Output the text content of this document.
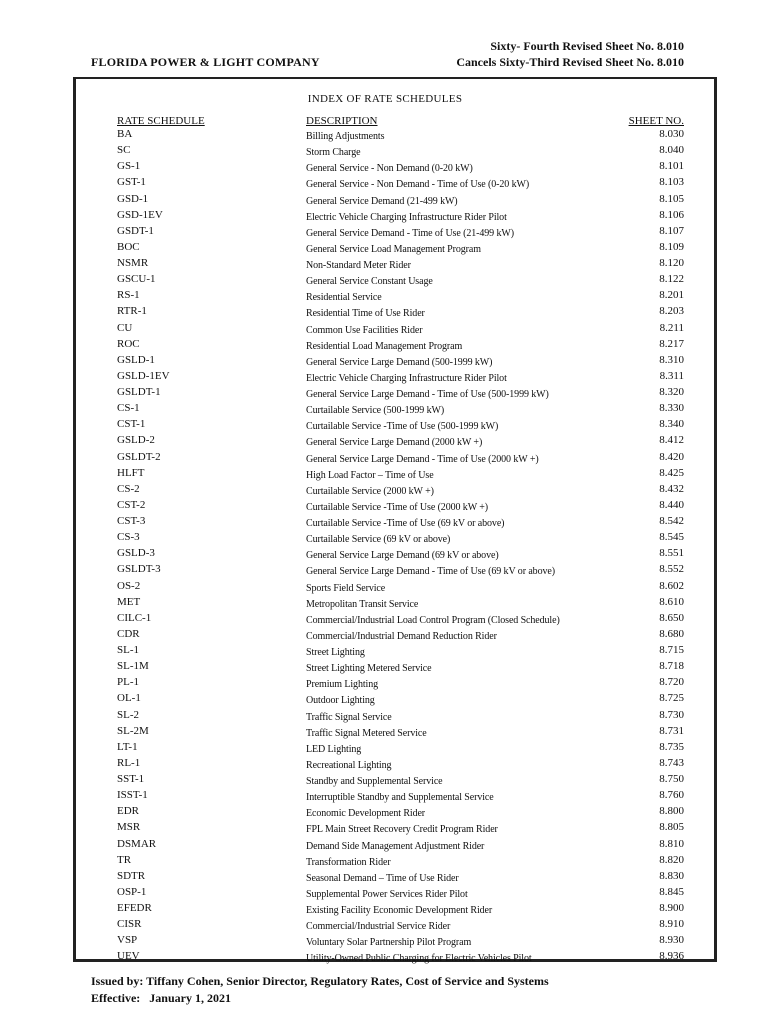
FLORIDA POWER & LIGHT COMPANY
Sixty- Fourth Revised Sheet No. 8.010
Cancels Sixty-Third Revised Sheet No. 8.010
INDEX OF RATE SCHEDULES
RATE SCHEDULE	DESCRIPTION	SHEET NO.
BA	Billing Adjustments	8.030
SC	Storm Charge	8.040
GS-1	General Service - Non Demand (0-20 kW)	8.101
GST-1	General Service - Non Demand - Time of Use (0-20 kW)	8.103
GSD-1	General Service Demand (21-499 kW)	8.105
GSD-1EV	Electric Vehicle Charging Infrastructure Rider Pilot	8.106
GSDT-1	General Service Demand - Time of Use (21-499 kW)	8.107
BOC	General Service Load Management Program	8.109
NSMR	Non-Standard Meter Rider	8.120
GSCU-1	General Service Constant Usage	8.122
RS-1	Residential Service	8.201
RTR-1	Residential Time of Use Rider	8.203
CU	Common Use Facilities Rider	8.211
ROC	Residential Load Management Program	8.217
GSLD-1	General Service Large Demand (500-1999 kW)	8.310
GSLD-1EV	Electric Vehicle Charging Infrastructure Rider Pilot	8.311
GSLDT-1	General Service Large Demand - Time of Use (500-1999 kW)	8.320
CS-1	Curtailable Service (500-1999 kW)	8.330
CST-1	Curtailable Service -Time of Use (500-1999 kW)	8.340
GSLD-2	General Service Large Demand (2000 kW +)	8.412
GSLDT-2	General Service Large Demand - Time of Use (2000 kW +)	8.420
HLFT	High Load Factor – Time of Use	8.425
CS-2	Curtailable Service (2000 kW +)	8.432
CST-2	Curtailable Service -Time of Use (2000 kW +)	8.440
CST-3	Curtailable Service -Time of Use (69 kV or above)	8.542
CS-3	Curtailable Service (69 kV or above)	8.545
GSLD-3	General Service Large Demand (69 kV or above)	8.551
GSLDT-3	General Service Large Demand - Time of Use (69 kV or above)	8.552
OS-2	Sports Field Service	8.602
MET	Metropolitan Transit Service	8.610
CILC-1	Commercial/Industrial Load Control Program (Closed Schedule)	8.650
CDR	Commercial/Industrial Demand Reduction Rider	8.680
SL-1	Street Lighting	8.715
SL-1M	Street Lighting Metered Service	8.718
PL-1	Premium Lighting	8.720
OL-1	Outdoor Lighting	8.725
SL-2	Traffic Signal Service	8.730
SL-2M	Traffic Signal Metered Service	8.731
LT-1	LED Lighting	8.735
RL-1	Recreational Lighting	8.743
SST-1	Standby and Supplemental Service	8.750
ISST-1	Interruptible Standby and Supplemental Service	8.760
EDR	Economic Development Rider	8.800
MSR	FPL Main Street Recovery Credit Program Rider	8.805
DSMAR	Demand Side Management Adjustment Rider	8.810
TR	Transformation Rider	8.820
SDTR	Seasonal Demand – Time of Use Rider	8.830
OSP-1	Supplemental Power Services Rider Pilot	8.845
EFEDR	Existing Facility Economic Development Rider	8.900
CISR	Commercial/Industrial Service Rider	8.910
VSP	Voluntary Solar Partnership Pilot Program	8.930
UEV	Utility-Owned Public Charging for Electric Vehicles Pilot	8.936
Issued by: Tiffany Cohen, Senior Director, Regulatory Rates, Cost of Service and Systems
Effective:   January 1, 2021
